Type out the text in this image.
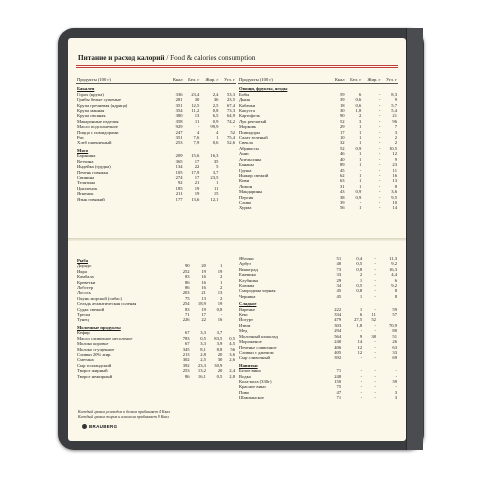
Питание и расход калорий / Food & calories consumption
Продукты (100 г)	Ккал	Бел. г	Жир. г	Угл. г
Бакалея				
Горох (крупа)	336	23,4	2,4	53,3
Грибы белые сушеные	281	30	36	23,5
Крупа гречневая (ядрица)	351	12,5	2,5	67,4
Крупа манная	354	11,2	0,8	73,3
Крупа овсяная	380	13	6,5	64,9
Макаронные изделия	358	11	0,9	74,2
Масло подсолнечное	929	-	99,9	-
Пицца с помидорами	247	4	4	52
Рис	351	7,6	1	75,4
Хлеб пшеничный	253	7,9	0,6	52,6
Мясо				
Баранина	209	15,6	16,3	
Ветчина	365	17	35	
Индейка (грудка)	134	22	5	
Печень говяжья	105	17,9	3,7	
Свинина	274	17	23,5	
Телятина	92	21	1	
Цыпленок	185	19	11	
Ягненок	211	19	15	
Язык говяжий	177	13,6	12,1	
Продукты (100 г)	Ккал	Бел. г	Жир. г	Угл. г
Овощи, фрукты, ягоды				
Бобы	59	6	-	8,3
Дыня	39	0,6	-	9
Кабачки	18	0,6	-	5,7
Капуста	30	1,8	-	5,4
Картофель	90	2	-	21
Лук репчатый	52	3	-	96
Морковь	29	1	-	7
Помидоры	17	1	-	3
Салат зеленый	10	1	-	2
Свекла	32	1	-	2
Абрикосы	52	0,9	-	10,5
Анис	46	1	-	12
Апельсины	40	1	-	9
Бананы	89	1	-	23
Груша	45	-	-	11
Инжир свежий	62	1	-	16
Киви	63	1	-	13
Лимон	31	1	-	8
Мандарины	43	0,9	-	3,6
Персик	38	0,9	-	9,5
Слива	39	-	-	10
Хурма	56	1	-	14
Рыба				
Дорадо	90	20	1	
Икра	252	19	19	
Камбала	83	16	2	
Креветки	86	16	1	
Лобстер	86	16	2	
Лосось	203	21	13	
Окунь морской (сибас)	75	13	2	
Сельдь атлантическая соленая	254	18,9	19	
Судак свежий	83	19	0,8	
Треска	71	17	-	
Тунец	226	22	16	
Молочные продукты				
Кефир	67	3,3	3,7	
Масло сливочное несоленое	783	0,5	83,5	0,5
Молоко коровье	67	3,3	3,9	4,5
Молоко сгущенное	345	8,1	8,8	56
Сливки 20% жир.	213	2,8	20	3,6
Сметана	302	2,5	30	2,6
Сыр голландский	392	23,3	30,9	
Творог жирный	253	13,2	20	2,4
Творог нежирный	86	16,1	0,5	2,8
Яблоки	51	0,4	-	11,3
Арбуз	40	0,5	-	9,2
Виноград	73	0,8	-	16,3
Ежевика	33	2	-	4,4
Клубника	29	1	-	6
Клюква	34	0,5	-	9,2
Смородина черная	45	0,8	-	8
Черника	45	1	-	8
Сладкое				
Вареньe	222	1	-	59
Кекс	334	6	11	57
Йогурт	479	27,5	52	
Изюм	303	1,8	-	70,9
Мед	294	-	-	80
Молочный шоколад	564	9	38	51
Мороженое	240	14	-	26
Печенье сливочное	406	12	-	63
Сливки с джемом	405	12	-	33
Сыр сливочный	392	-	-	69
Напитки				
Белое вино	71	-	-	-
Водка	248	-	-	-
Кола-кола (330г)	150	-	-	39
Красное вино	75	-	-	-
Пиво	47	-	-	3
Шампанское	71	-	-	3
Каждый грамм углеводов и белков прибавляет 4 Ккал
Каждый грамм жиров и алкоголя прибавляет 9 Ккал
BRAUBERG
